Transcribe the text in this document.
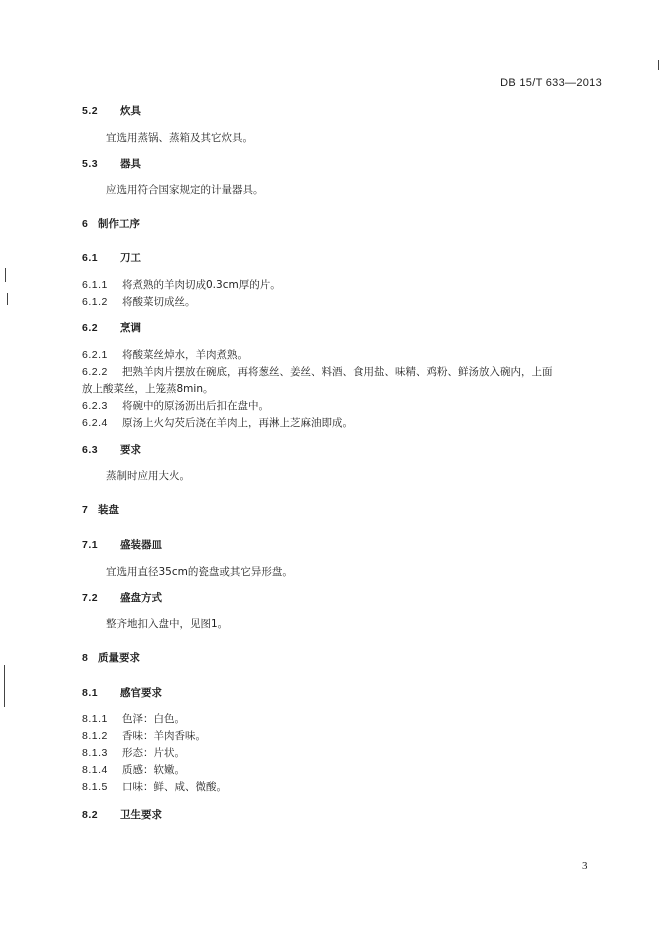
DB 15/T 633—2013
5.2 炊具
宜选用蒸锅、蒸箱及其它炊具。
5.3 器具
应选用符合国家规定的计量器具。
6 制作工序
6.1 刀工
6.1.1 将煮熟的羊肉切成0.3cm厚的片。
6.1.2 将酸菜切成丝。
6.2 烹调
6.2.1 将酸菜丝焯水，羊肉煮熟。
6.2.2 把熟羊肉片摆放在碗底，再将葱丝、姜丝、料酒、食用盐、味精、鸡粉、鲜汤放入碗内，上面
放上酸菜丝，上笼蒸8min。
6.2.3 将碗中的原汤沥出后扣在盘中。
6.2.4 原汤上火勾芡后浇在羊肉上，再淋上芝麻油即成。
6.3 要求
蒸制时应用大火。
7 装盘
7.1 盛装器皿
宜选用直径35cm的瓷盘或其它异形盘。
7.2 盛盘方式
整齐地扣入盘中，见图1。
8 质量要求
8.1 感官要求
8.1.1 色泽：白色。
8.1.2 香味：羊肉香味。
8.1.3 形态：片状。
8.1.4 质感：软嫩。
8.1.5 口味：鲜、咸、微酸。
8.2 卫生要求
3
